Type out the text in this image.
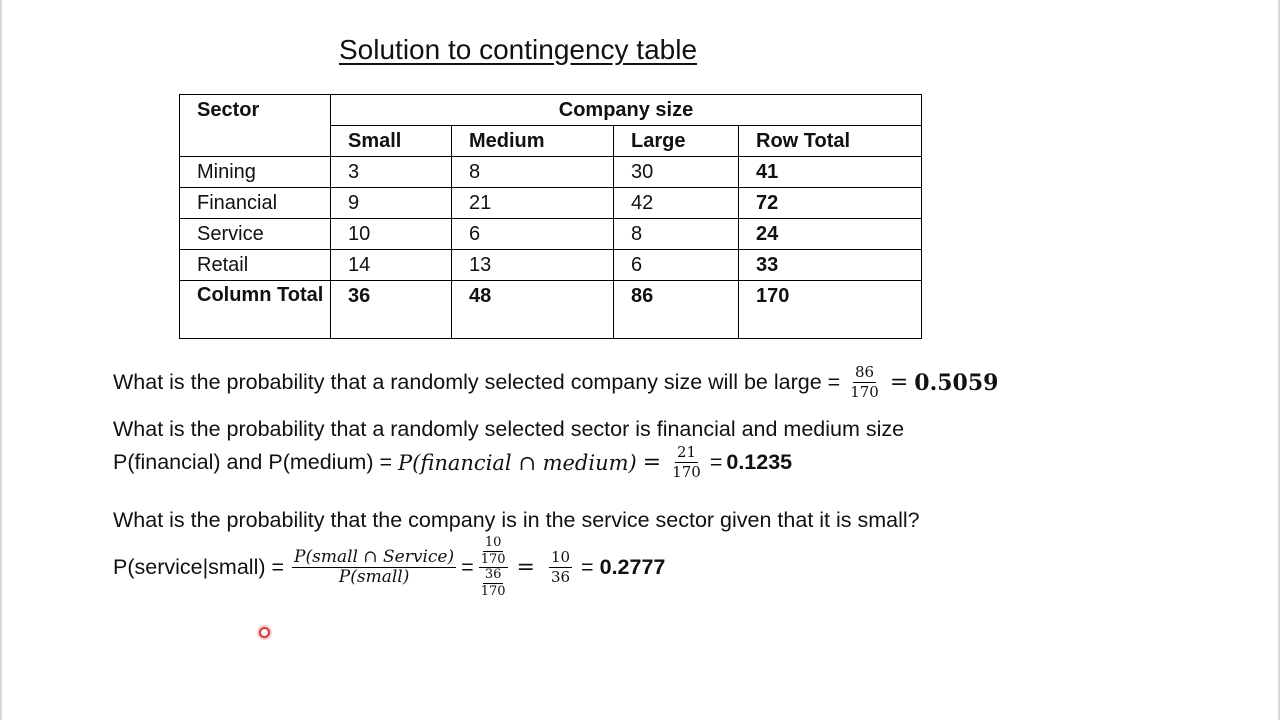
Solution to contingency table
Sector	Company size			
	Small	Medium	Large	Row Total
Mining	3	8	30	41
Financial	9	21	42	72
Service	10	6	8	24
Retail	14	13	6	33
Column Total	36	48	86	170
What is the probability that a randomly selected company size will be large = $\frac{86}{170} = 0.5059$
What is the probability that a randomly selected sector is financial and medium size
P(financial) and P(medium) = P(financial ∩ medium) = $\frac{21}{170} = 0.1235$
What is the probability that the company is in the service sector given that it is small?
P(service|small) = $\frac{\text{P(small ∩ Service)}}{\text{P(small)}} = \frac{\frac{10}{170}}{\frac{36}{170}} = \frac{10}{36} = 0.2777$
